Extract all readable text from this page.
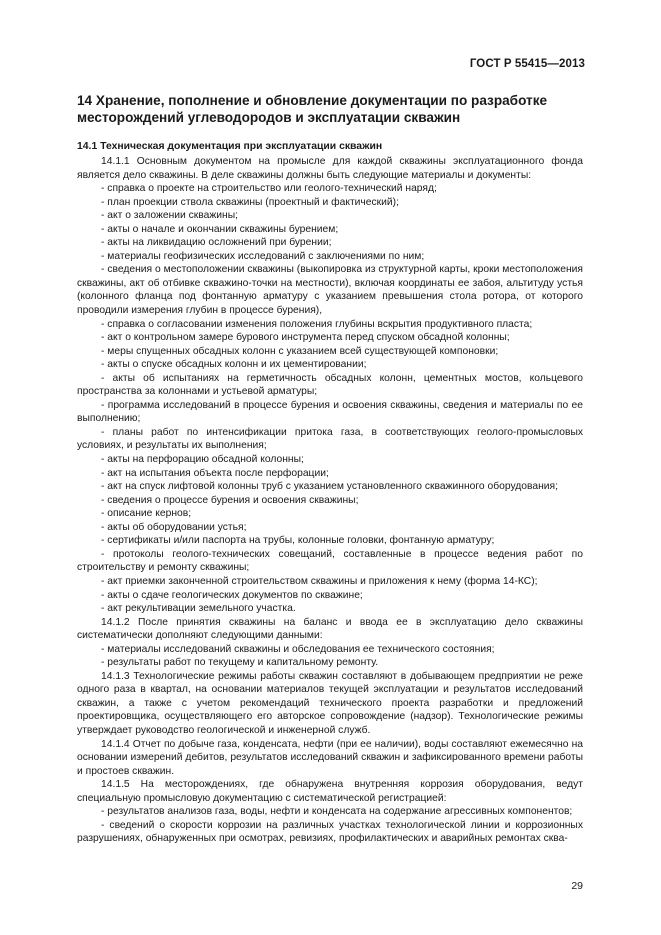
ГОСТ Р 55415—2013
14 Хранение, пополнение и обновление документации по разработке месторождений углеводородов и эксплуатации скважин
14.1 Техническая документация при эксплуатации скважин

14.1.1 Основным документом на промысле для каждой скважины эксплуатационного фонда является дело скважины. В деле скважины должны быть следующие материалы и документы:

- справка о проекте на строительство или геолого-технический наряд;

- план проекции ствола скважины (проектный и фактический);

- акт о заложении скважины;

- акты о начале и окончании скважины бурением;

- акты на ликвидацию осложнений при бурении;

- материалы геофизических исследований с заключениями по ним;

- сведения о местоположении скважины (выкопировка из структурной карты, кроки местоположения скважины, акт об отбивке скважино-точки на местности), включая координаты ее забоя, альтитуду устья (колонного фланца под фонтанную арматуру с указанием превышения стола ротора, от которого проводили измерения глубин в процессе бурения),

- справка о согласовании изменения положения глубины вскрытия продуктивного пласта;

- акт о контрольном замере бурового инструмента перед спуском обсадной колонны;

- меры спущенных обсадных колонн с указанием всей существующей компоновки;

- акты о спуске обсадных колонн и их цементировании;

- акты об испытаниях на герметичность обсадных колонн, цементных мостов, кольцевого пространства за колоннами и устьевой арматуры;

- программа исследований в процессе бурения и освоения скважины, сведения и материалы по ее выполнению;

- планы работ по интенсификации притока газа, в соответствующих геолого-промысловых условиях, и результаты их выполнения;

- акты на перфорацию обсадной колонны;

- акт на испытания объекта после перфорации;

- акт на спуск лифтовой колонны труб с указанием установленного скважинного оборудования;

- сведения о процессе бурения и освоения скважины;

- описание кернов;

- акты об оборудовании устья;

- сертификаты и/или паспорта на трубы, колонные головки, фонтанную арматуру;

- протоколы геолого-технических совещаний, составленные в процессе ведения работ по строительству и ремонту скважины;

- акт приемки законченной строительством скважины и приложения к нему (форма 14-КС);

- акты о сдаче геологических документов по скважине;

- акт рекультивации земельного участка.

14.1.2 После принятия скважины на баланс и ввода ее в эксплуатацию дело скважины систематически дополняют следующими данными:

- материалы исследований скважины и обследования ее технического состояния;

- результаты работ по текущему и капитальному ремонту.

14.1.3 Технологические режимы работы скважин составляют в добывающем предприятии не реже одного раза в квартал, на основании материалов текущей эксплуатации и результатов исследований скважин, а также с учетом рекомендаций технического проекта разработки и предложений проектировщика, осуществляющего его авторское сопровождение (надзор). Технологические режимы утверждает руководство геологической и инженерной служб.

14.1.4 Отчет по добыче газа, конденсата, нефти (при ее наличии), воды составляют ежемесячно на основании измерений дебитов, результатов исследований скважин и зафиксированного времени работы и простоев скважин.

14.1.5 На месторождениях, где обнаружена внутренняя коррозия оборудования, ведут специальную промысловую документацию с систематической регистрацией:

- результатов анализов газа, воды, нефти и конденсата на содержание агрессивных компонентов;

- сведений о скорости коррозии на различных участках технологической линии и коррозионных разрушениях, обнаруженных при осмотрах, ревизиях, профилактических и аварийных ремонтах сква-

29
